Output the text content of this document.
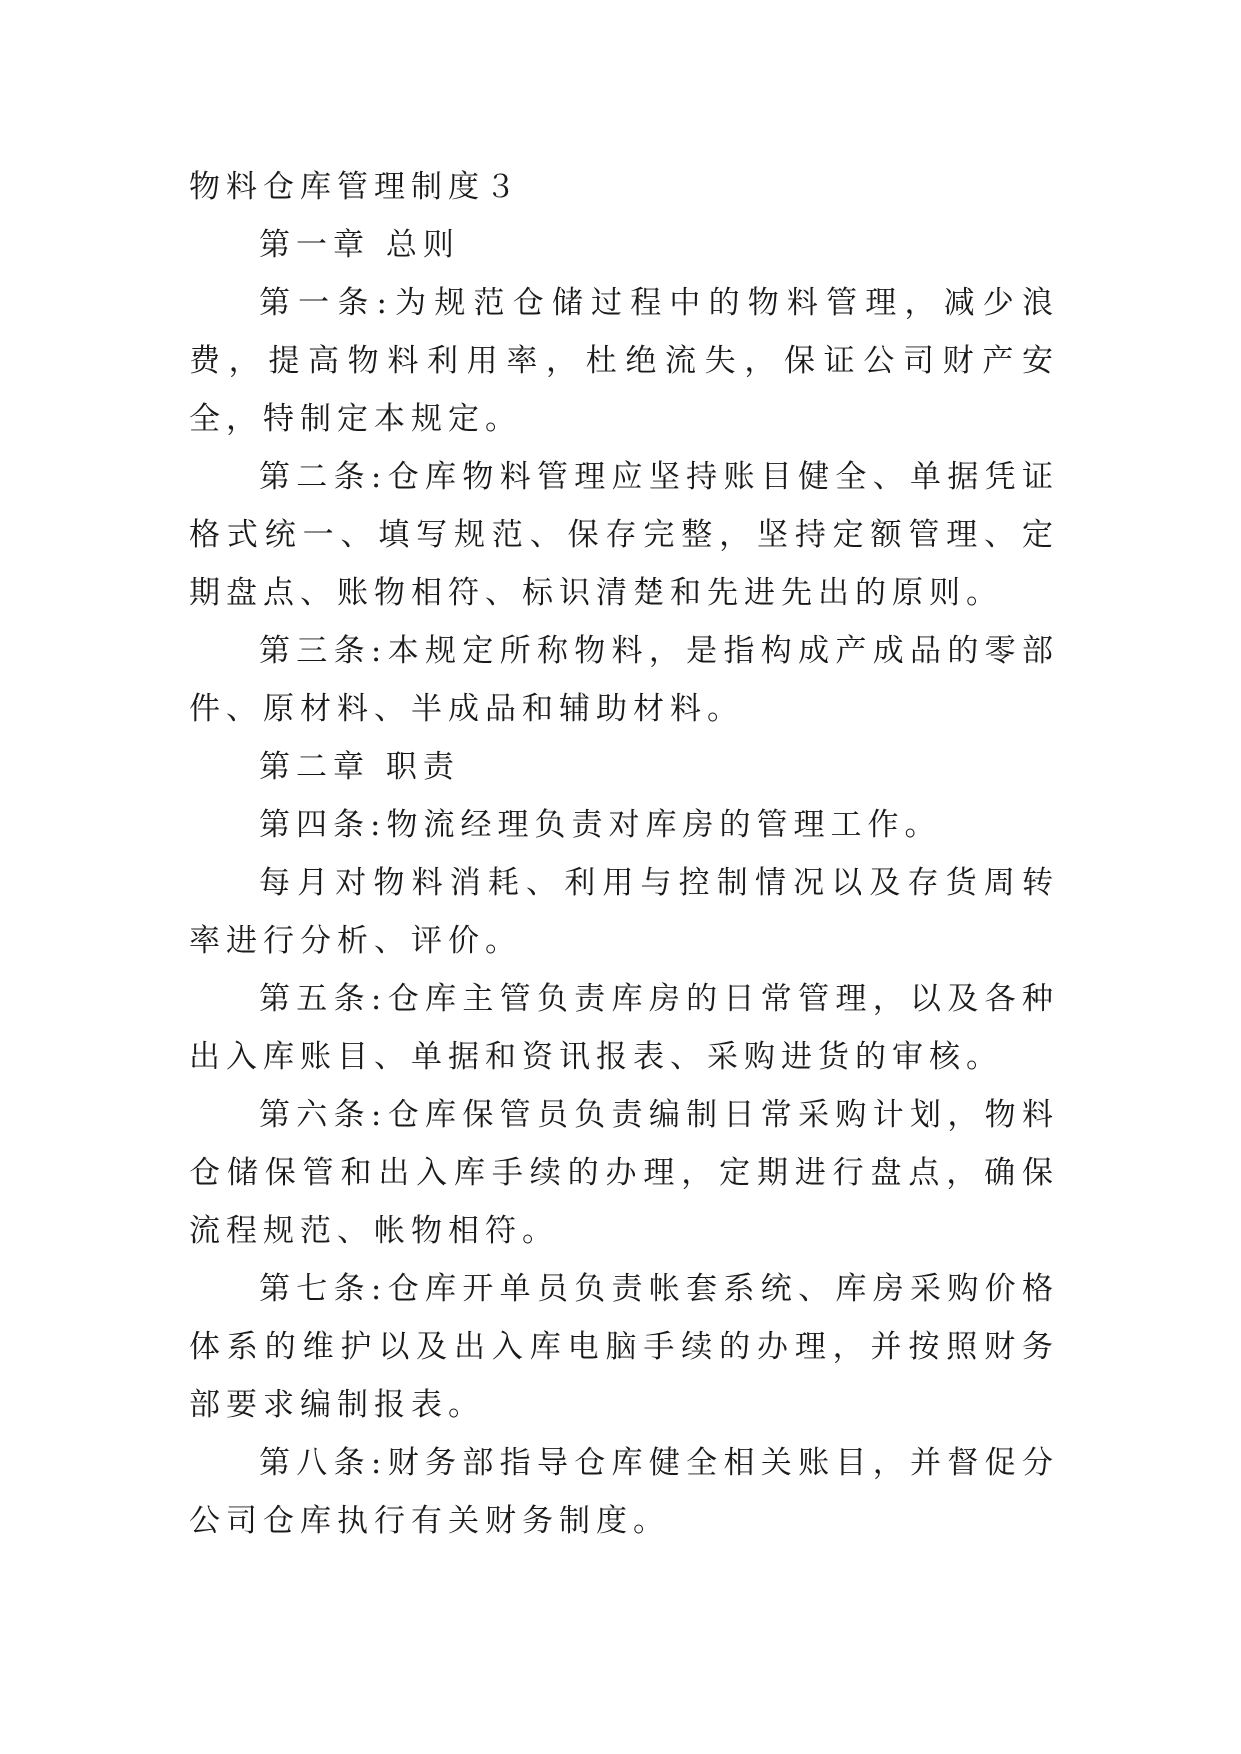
物料仓库管理制度３

第一章 总则

第一条:为规范仓储过程中的物料管理，减少浪费，提高物料利用率，杜绝流失，保证公司财产安全，特制定本规定。

第二条:仓库物料管理应坚持账目健全、单据凭证格式统一、填写规范、保存完整，坚持定额管理、定期盘点、账物相符、标识清楚和先进先出的原则。

第三条:本规定所称物料，是指构成产成品的零部件、原材料、半成品和辅助材料。

第二章 职责

第四条:物流经理负责对库房的管理工作。

每月对物料消耗、利用与控制情况以及存货周转率进行分析、评价。

第五条:仓库主管负责库房的日常管理，以及各种出入库账目、单据和资讯报表、采购进货的审核。

第六条:仓库保管员负责编制日常采购计划，物料仓储保管和出入库手续的办理，定期进行盘点，确保流程规范、帐物相符。

第七条:仓库开单员负责帐套系统、库房采购价格体系的维护以及出入库电脑手续的办理，并按照财务部要求编制报表。

第八条:财务部指导仓库健全相关账目，并督促分公司仓库执行有关财务制度。
